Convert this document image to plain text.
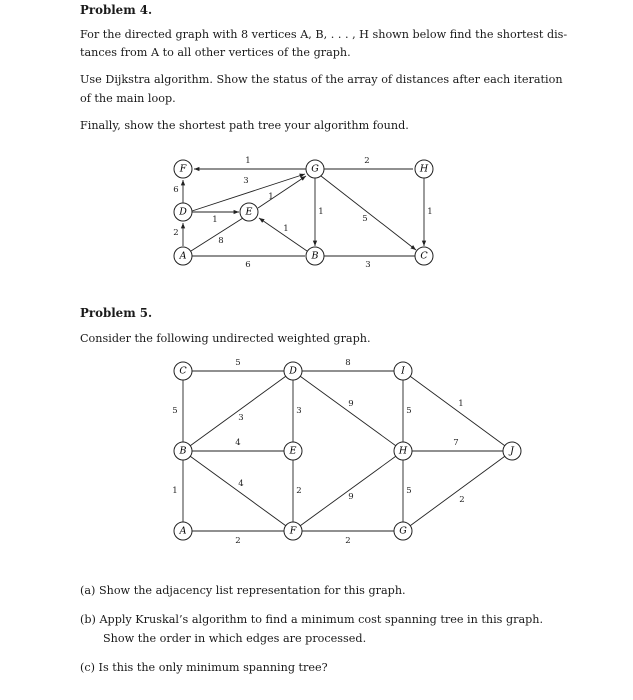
Problem 4.
For the directed graph with 8 vertices A, B, . . . , H shown below find the shortest dis-
tances from A to all other vertices of the graph.
Use Dijkstra algorithm. Show the status of the array of distances after each iteration
of the main loop.
Finally, show the shortest path tree your algorithm found.
1	2
6
2
1
3
1
8
6	3
1
5
1
1
F	G	H
D	E
A	B	C
Problem 5.
Consider the following undirected weighted graph.
5	8
5
3
3
9
5
1
4	7
1
4
2
9
5
2
2	2
C	D	I
B	E	H	J
A	F	G
(a) Show the adjacency list representation for this graph.
(b) Apply Kruskal’s algorithm to find a minimum cost spanning tree in this graph.
Show the order in which edges are processed.
(c) Is this the only minimum spanning tree?
